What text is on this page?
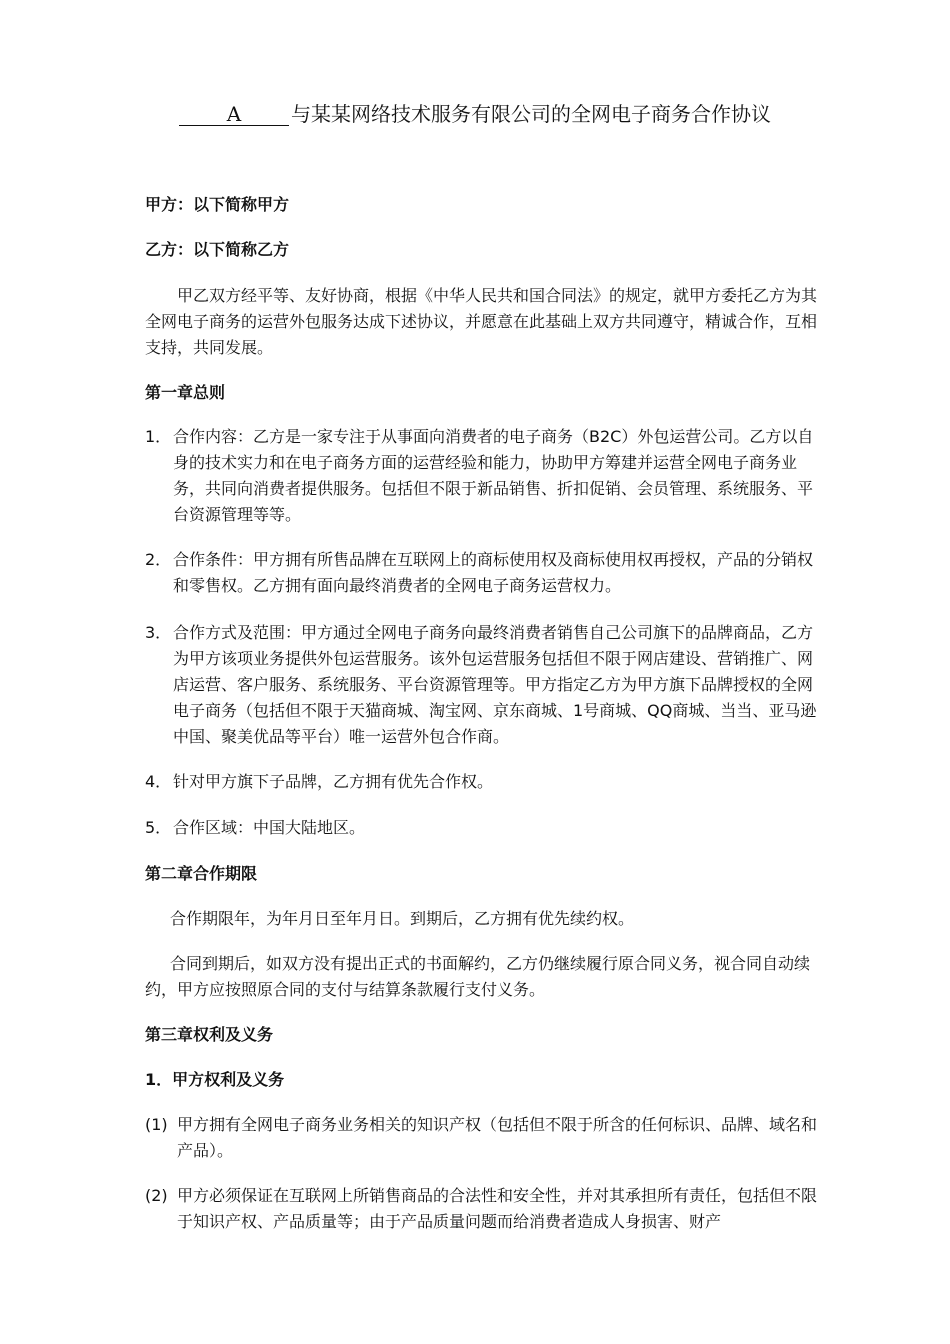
A 与某某网络技术服务有限公司的全网电子商务合作协议
甲方：以下简称甲方
乙方：以下简称乙方
甲乙双方经平等、友好协商，根据《中华人民共和国合同法》的规定，就甲方委托乙方为其全网电子商务的运营外包服务达成下述协议，并愿意在此基础上双方共同遵守，精诚合作，互相支持，共同发展。
第一章总则
1． 合作内容：乙方是一家专注于从事面向消费者的电子商务（B2C）外包运营公司。乙方以自身的技术实力和在电子商务方面的运营经验和能力，协助甲方筹建并运营全网电子商务业务，共同向消费者提供服务。包括但不限于新品销售、折扣促销、会员管理、系统服务、平台资源管理等等。
2． 合作条件：甲方拥有所售品牌在互联网上的商标使用权及商标使用权再授权，产品的分销权和零售权。乙方拥有面向最终消费者的全网电子商务运营权力。
3． 合作方式及范围：甲方通过全网电子商务向最终消费者销售自己公司旗下的品牌商品，乙方为甲方该项业务提供外包运营服务。该外包运营服务包括但不限于网店建设、营销推广、网店运营、客户服务、系统服务、平台资源管理等。甲方指定乙方为甲方旗下品牌授权的全网电子商务（包括但不限于天猫商城、淘宝网、京东商城、1号商城、QQ商城、当当、亚马逊中国、聚美优品等平台）唯一运营外包合作商。
4． 针对甲方旗下子品牌，乙方拥有优先合作权。
5． 合作区域：中国大陆地区。
第二章合作期限
合作期限年，为年月日至年月日。到期后，乙方拥有优先续约权。
合同到期后，如双方没有提出正式的书面解约，乙方仍继续履行原合同义务，视合同自动续约，甲方应按照原合同的支付与结算条款履行支付义务。
第三章权利及义务
1．甲方权利及义务
(1) 甲方拥有全网电子商务业务相关的知识产权（包括但不限于所含的任何标识、品牌、域名和产品）。
(2) 甲方必须保证在互联网上所销售商品的合法性和安全性，并对其承担所有责任，包括但不限于知识产权、产品质量等；由于产品质量问题而给消费者造成人身损害、财产
